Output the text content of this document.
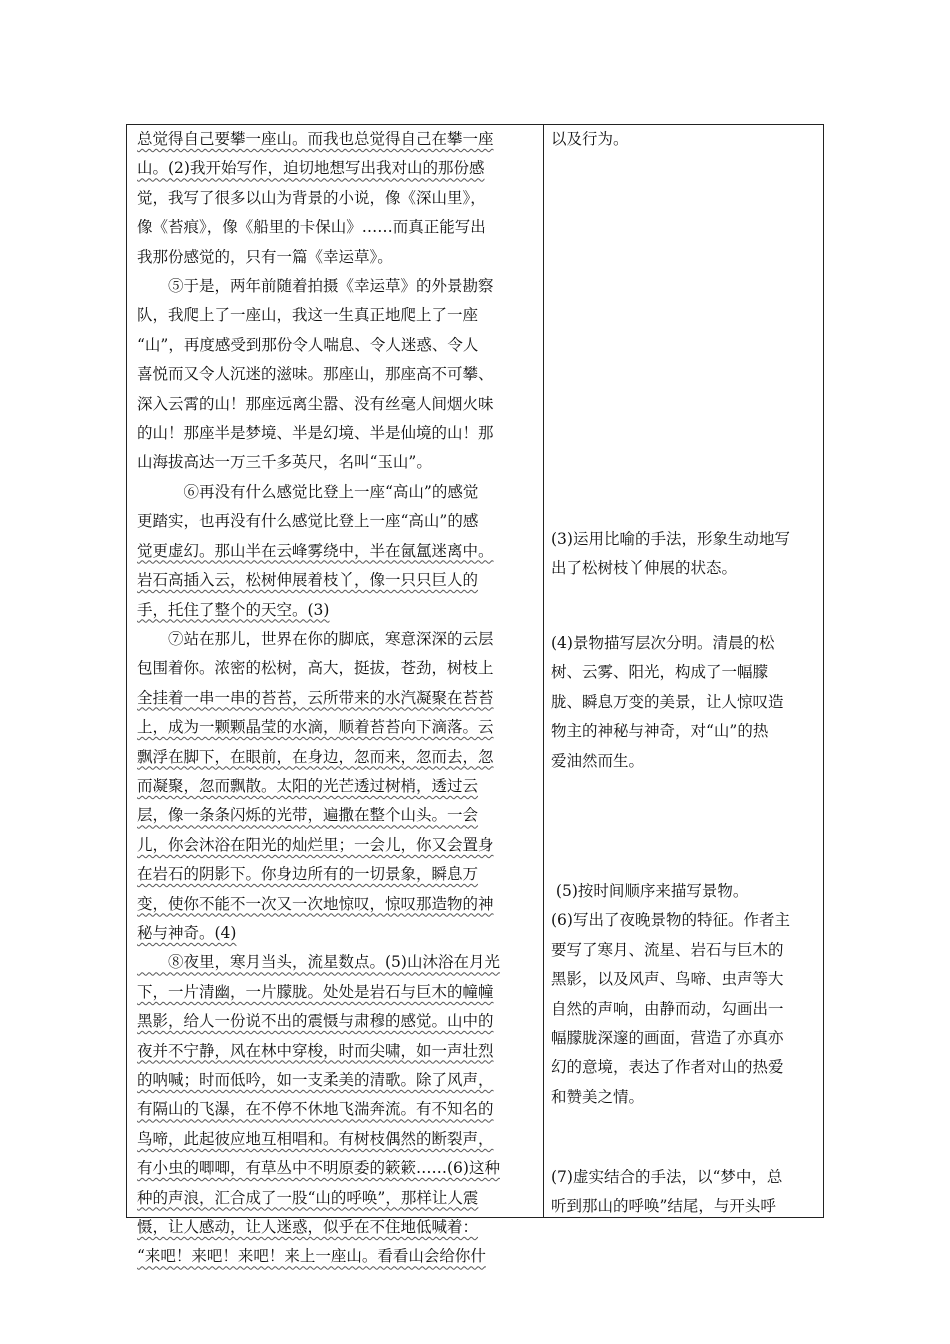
总觉得自己要攀一座山。而我也总觉得自己在攀一座
山。(2)我开始写作，迫切地想写出我对山的那份感
觉，我写了很多以山为背景的小说，像《深山里》，
像《苔痕》，像《船里的卡保山》……而真正能写出
我那份感觉的，只有一篇《幸运草》。
　　⑤于是，两年前随着拍摄《幸运草》的外景勘察
队，我爬上了一座山，我这一生真正地爬上了一座
“山”，再度感受到那份令人喘息、令人迷惑、令人
喜悦而又令人沉迷的滋味。那座山，那座高不可攀、
深入云霄的山！那座远离尘嚣、没有丝毫人间烟火味
的山！那座半是梦境、半是幻境、半是仙境的山！那
山海拔高达一万三千多英尺，名叫“玉山”。
　　　⑥再没有什么感觉比登上一座“高山”的感觉
更踏实，也再没有什么感觉比登上一座“高山”的感
觉更虚幻。那山半在云峰雾绕中，半在氤氲迷离中。
岩石高插入云，松树伸展着枝丫，像一只只巨人的
手，托住了整个的天空。(3)
　　⑦站在那儿，世界在你的脚底，寒意深深的云层
包围着你。浓密的松树，高大，挺拔，苍劲，树枝上
全挂着一串一串的苔苔，云所带来的水汽凝聚在苔苔
上，成为一颗颗晶莹的水滴，顺着苔苔向下滴落。云
飘浮在脚下，在眼前，在身边，忽而来，忽而去，忽
而凝聚，忽而飘散。太阳的光芒透过树梢，透过云
层，像一条条闪烁的光带，遍撒在整个山头。一会
儿，你会沐浴在阳光的灿烂里；一会儿，你又会置身
在岩石的阴影下。你身边所有的一切景象，瞬息万
变，使你不能不一次又一次地惊叹，惊叹那造物的神
秘与神奇。(4)
　　⑧夜里，寒月当头，流星数点。(5)山沐浴在月光
下，一片清幽，一片朦胧。处处是岩石与巨木的幢幢
黑影，给人一份说不出的震慑与肃穆的感觉。山中的
夜并不宁静，风在林中穿梭，时而尖啸，如一声壮烈
的呐喊；时而低吟，如一支柔美的清歌。除了风声，
有隔山的飞瀑，在不停不休地飞湍奔流。有不知名的
鸟啼，此起彼应地互相唱和。有树枝偶然的断裂声，
有小虫的唧唧，有草丛中不明原委的簌簌……(6)这种
种的声浪，汇合成了一股“山的呼唤”，那样让人震
慑，让人感动，让人迷惑，似乎在不住地低喊着：
“来吧！来吧！来吧！来上一座山。看看山会给你什
以及行为。
(3)运用比喻的手法，形象生动地写
出了松树枝丫伸展的状态。
(4)景物描写层次分明。清晨的松
树、云雾、阳光，构成了一幅朦
胧、瞬息万变的美景，让人惊叹造
物主的神秘与神奇，对“山”的热
爱油然而生。
(5)按时间顺序来描写景物。
(6)写出了夜晚景物的特征。作者主
要写了寒月、流星、岩石与巨木的
黑影，以及风声、鸟啼、虫声等大
自然的声响，由静而动，勾画出一
幅朦胧深邃的画面，营造了亦真亦
幻的意境，表达了作者对山的热爱
和赞美之情。
(7)虚实结合的手法，以“梦中，总
听到那山的呼唤”结尾，与开头呼
